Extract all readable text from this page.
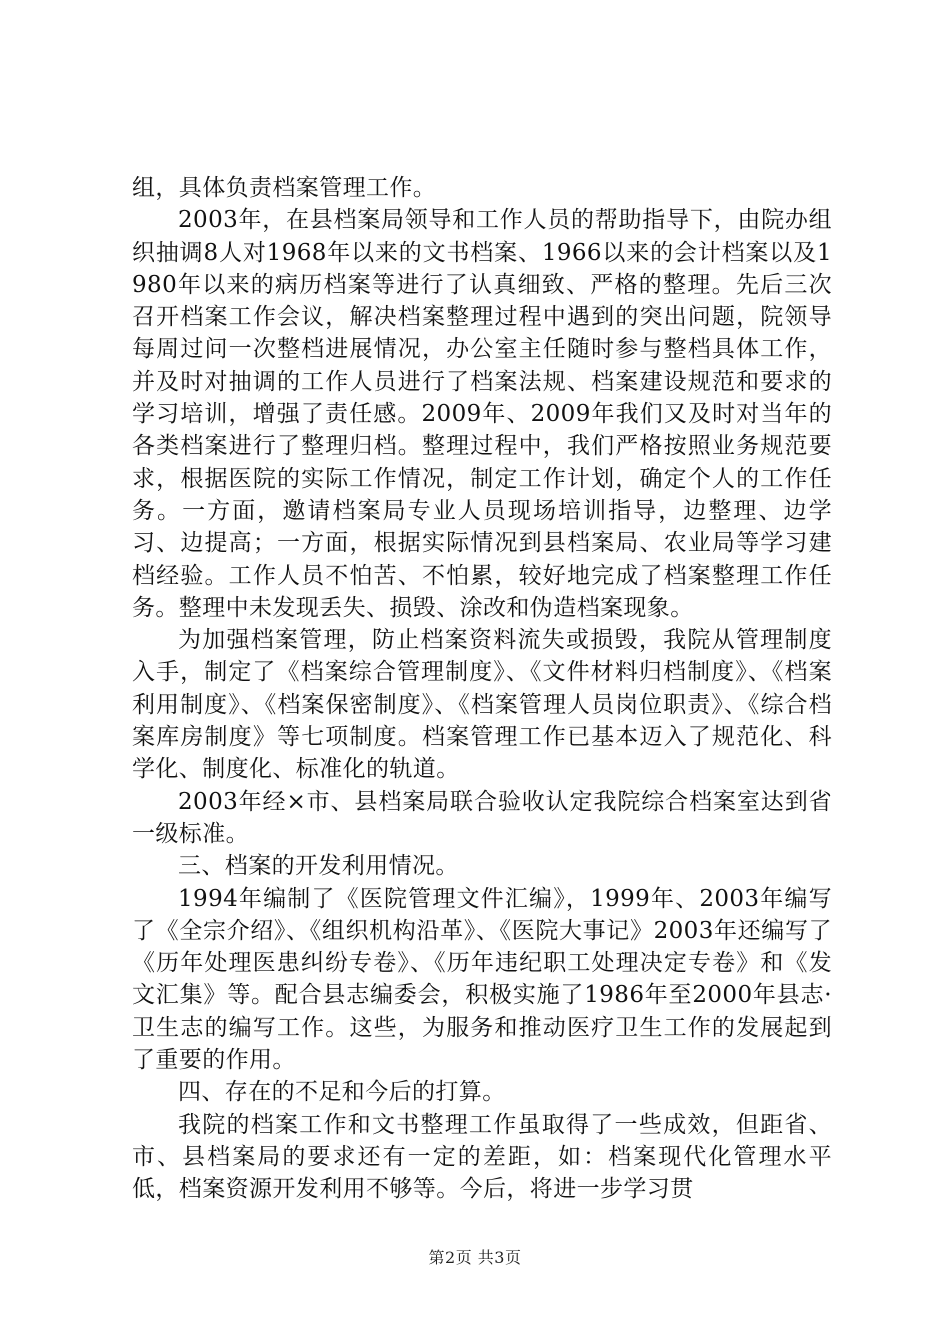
组，具体负责档案管理工作。

2003年，在县档案局领导和工作人员的帮助指导下，由院办组织抽调8人对1968年以来的文书档案、1966以来的会计档案以及1980年以来的病历档案等进行了认真细致、严格的整理。先后三次召开档案工作会议，解决档案整理过程中遇到的突出问题，院领导每周过问一次整档进展情况，办公室主任随时参与整档具体工作，并及时对抽调的工作人员进行了档案法规、档案建设规范和要求的学习培训，增强了责任感。2009年、2009年我们又及时对当年的各类档案进行了整理归档。整理过程中，我们严格按照业务规范要求，根据医院的实际工作情况，制定工作计划，确定个人的工作任务。一方面，邀请档案局专业人员现场培训指导，边整理、边学习、边提高；一方面，根据实际情况到县档案局、农业局等学习建档经验。工作人员不怕苦、不怕累，较好地完成了档案整理工作任务。整理中未发现丢失、损毁、涂改和伪造档案现象。

为加强档案管理，防止档案资料流失或损毁，我院从管理制度入手，制定了《档案综合管理制度》、《文件材料归档制度》、《档案利用制度》、《档案保密制度》、《档案管理人员岗位职责》、《综合档案库房制度》等七项制度。档案管理工作已基本迈入了规范化、科学化、制度化、标准化的轨道。

2003年经×市、县档案局联合验收认定我院综合档案室达到省一级标准。

三、档案的开发利用情况。

1994年编制了《医院管理文件汇编》，1999年、2003年编写了《全宗介绍》、《组织机构沿革》、《医院大事记》2003年还编写了《历年处理医患纠纷专卷》、《历年违纪职工处理决定专卷》和《发文汇集》等。配合县志编委会，积极实施了1986年至2000年县志·卫生志的编写工作。这些，为服务和推动医疗卫生工作的发展起到了重要的作用。

四、存在的不足和今后的打算。

我院的档案工作和文书整理工作虽取得了一些成效，但距省、市、县档案局的要求还有一定的差距，如：档案现代化管理水平低，档案资源开发利用不够等。今后，将进一步学习贯

第2页 共3页
